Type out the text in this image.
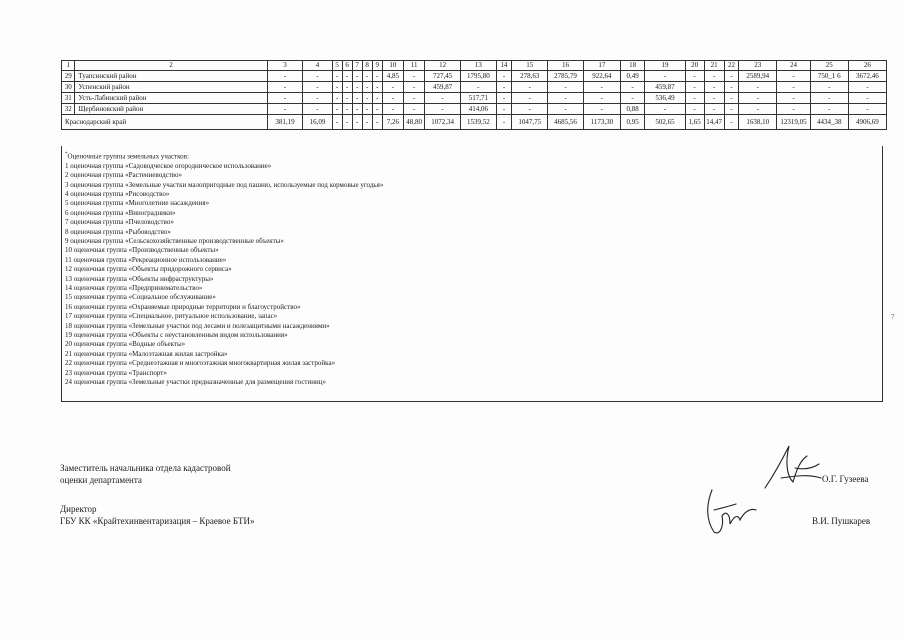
1	2	3	4	5	6	7	8	9	10	11	12	13	14	15	16	17	18	19	20	21	22	23	24	25	26
29	Туапсинский район	-	-	-	-	-	-	-	4,85	-	727,45	1795,80	-	278,63	2785,79	922,64	0,49	-	-	-	-	2589,94	-	750_1 6	3672,46
30	Успенский район	-	-	-	-	-	-	-	-	-	459,87	-	-	-	-	-	-	459,87	-	-	-	-	-	-	-
31	Усть-Лабинский район	-	-	-	-	-	-	-	-	-	-	517,71	-	-	-	-	-	536,49	-	-	-	-	-	-	-
32	Щербиновский район	-	-	-	-	-	-	-	-	-	-	414,06	-	-	-	-	0,88	-	-	-	-	-	-	-	-
Краснодарский край		381,19	16,09	-	-	-	-	-	7,26	48,80	1072,34	1539,52	-	1047,75	4685,56	1173,30	0,95	502,65	1,65	14,47	-	1638,10	12319,05	4434_38	4906,69
*Оценочные группы земельных участков:
1 оценочная группа «Садоводческое огородническое использование»
2 оценочная группа «Растениеводство»
3 оценочная группа «Земельные участки малопригодные под пашню, используемые под кормовые угодья»
4 оценочная группа «Рисоводство»
5 оценочная группа «Многолетние насаждения»
6 оценочная группа «Виноградники»
7 оценочная группа «Пчеловодство»
8 оценочная группа «Рыбоводство»
9 оценочная группа «Сельскохозяйственные производственные объекты»
10 оценочная группа «Производственные объекты»
11 оценочная группа «Рекреационное использование»
12 оценочная группа «Объекты придорожного сервиса»
13 оценочная группа «Объекты инфраструктуры»
14 оценочная группа «Предпринимательство»
15 оценочная группа «Социальное обслуживание»
16 оценочная группа «Охраняемые природные территории и благоустройство»
17 оценочная группа «Специальное, ритуальное использование, запас»
18 оценочная группа «Земельные участки под лесами и полезащитными насаждениями»
19 оценочная группа «Объекты с неустановленным видом использования»
20 оценочная группа «Водные объекты»
21 оценочная группа «Малоэтажная жилая застройка»
22 оценочная группа «Среднеэтажная и многоэтажная многоквартирная жилая застройка»
23 оценочная группа «Транспорт»
24 оценочная группа «Земельные участки предназначенные для размещения гостиниц»
Заместитель начальника отдела кадастровой
оценки департамента
Директор
ГБУ КК «Крайтехинвентаризация – Краевое БТИ»
О.Г. Гузеева
В.И. Пушкарев
7
